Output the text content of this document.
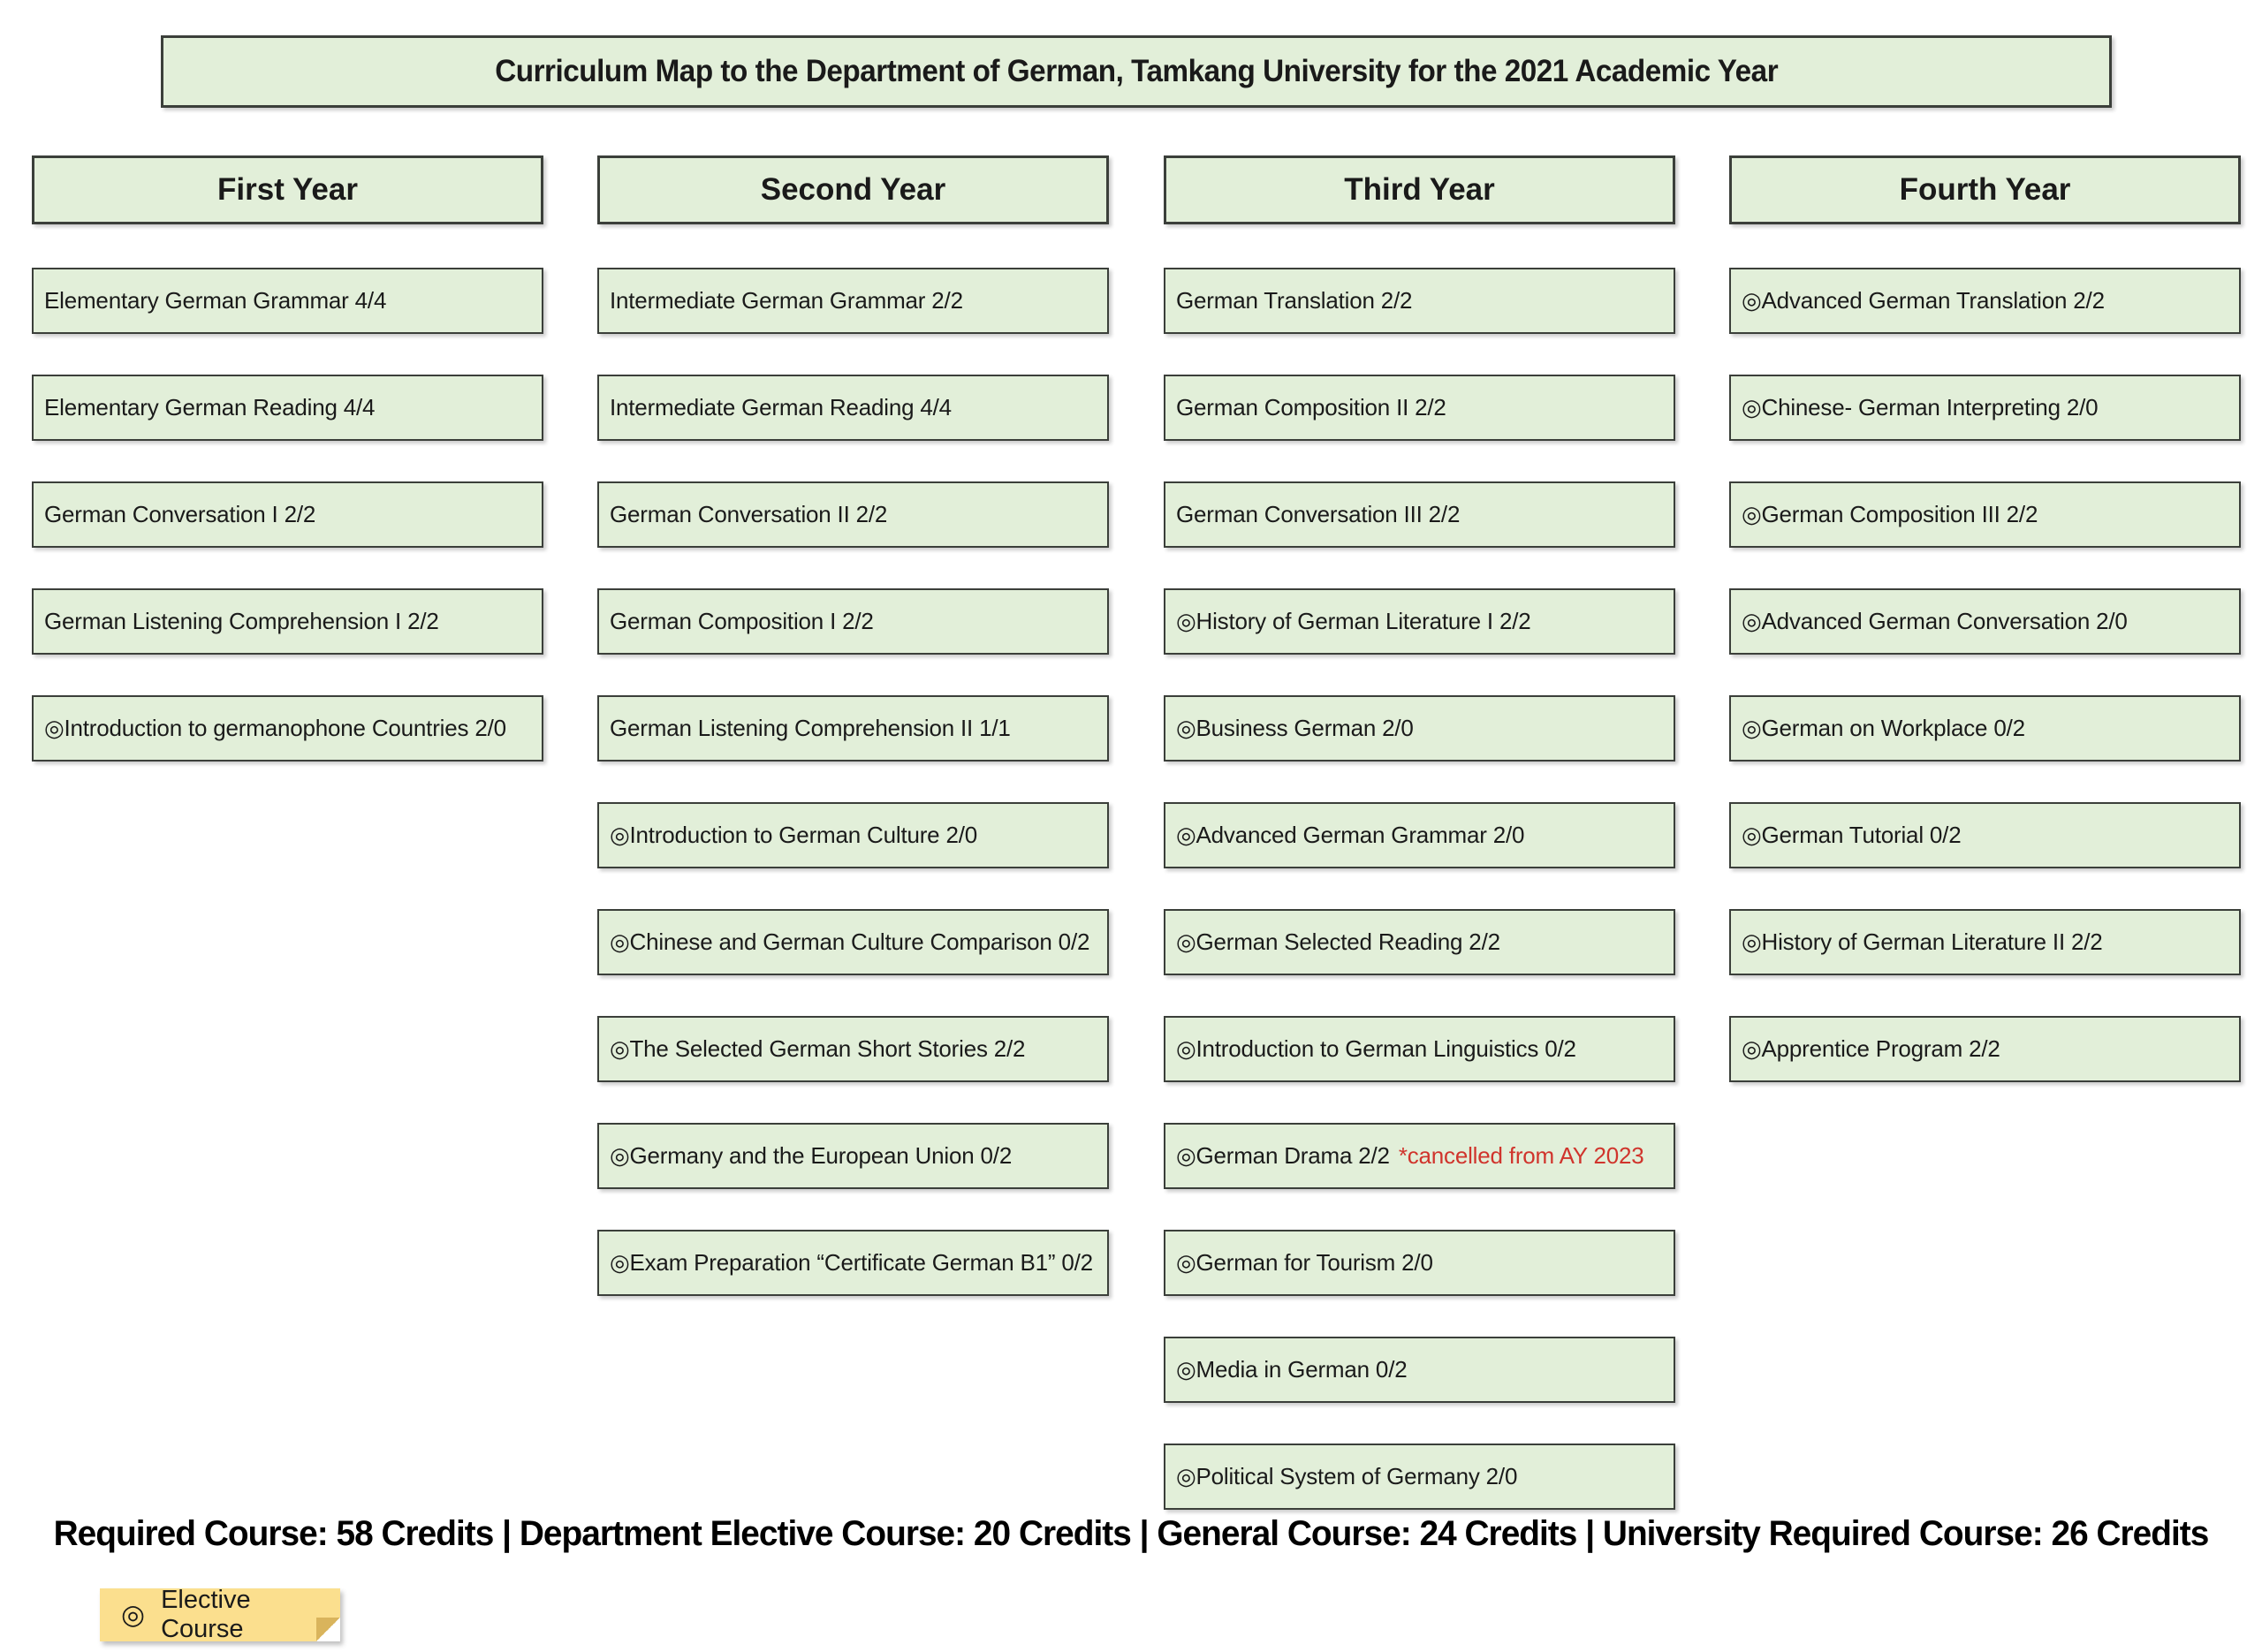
Curriculum Map to the Department of German, Tamkang University for the 2021 Academic Year
First Year
Elementary German Grammar 4/4
Elementary German Reading 4/4
German Conversation I 2/2
German Listening Comprehension I 2/2
◎Introduction to germanophone Countries 2/0
Second Year
Intermediate German Grammar 2/2
Intermediate German Reading 4/4
German Conversation II 2/2
German Composition I 2/2
German Listening Comprehension II 1/1
◎Introduction to German Culture 2/0
◎Chinese and German Culture Comparison 0/2
◎The Selected German Short Stories 2/2
◎Germany and the European Union 0/2
◎Exam Preparation “Certificate German B1” 0/2
Third Year
German Translation 2/2
German Composition II 2/2
German Conversation III 2/2
◎History of German Literature I 2/2
◎Business German 2/0
◎Advanced German Grammar 2/0
◎German Selected Reading 2/2
◎Introduction to German Linguistics 0/2
◎German Drama 2/2 *cancelled from AY 2023
◎German for Tourism 2/0
◎Media in German 0/2
◎Political System of Germany 2/0
Fourth Year
◎Advanced German Translation 2/2
◎Chinese- German Interpreting 2/0
◎German Composition III 2/2
◎Advanced German Conversation 2/0
◎German on Workplace 0/2
◎German Tutorial 0/2
◎History of German Literature II 2/2
◎Apprentice Program 2/2
Required Course: 58 Credits | Department Elective Course: 20 Credits | General Course: 24 Credits | University Required Course: 26 Credits
◎ Elective Course
